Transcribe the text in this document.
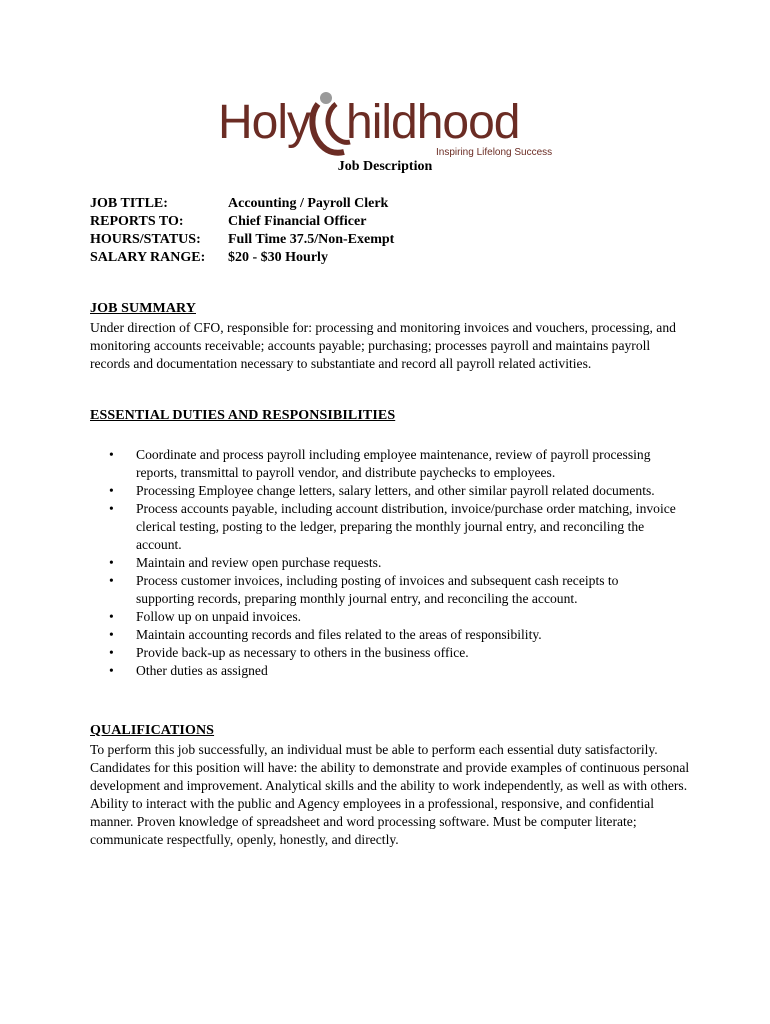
Holy hildhood
Inspiring Lifelong Success
Job Description
JOB TITLE:	Accounting / Payroll Clerk
REPORTS TO:	Chief Financial Officer
HOURS/STATUS:	Full Time 37.5/Non-Exempt
SALARY RANGE:	$20 - $30 Hourly
JOB SUMMARY
Under direction of CFO, responsible for: processing and monitoring invoices and vouchers, processing, and monitoring accounts receivable; accounts payable; purchasing; processes payroll and maintains payroll records and documentation necessary to substantiate and record all payroll related activities.
ESSENTIAL DUTIES AND RESPONSIBILITIES
• Coordinate and process payroll including employee maintenance, review of payroll processing reports, transmittal to payroll vendor, and distribute paychecks to employees.
• Processing Employee change letters, salary letters, and other similar payroll related documents.
• Process accounts payable, including account distribution, invoice/purchase order matching, invoice clerical testing, posting to the ledger, preparing the monthly journal entry, and reconciling the account.
• Maintain and review open purchase requests.
• Process customer invoices, including posting of invoices and subsequent cash receipts to supporting records, preparing monthly journal entry, and reconciling the account.
• Follow up on unpaid invoices.
• Maintain accounting records and files related to the areas of responsibility.
• Provide back-up as necessary to others in the business office.
• Other duties as assigned
QUALIFICATIONS
To perform this job successfully, an individual must be able to perform each essential duty satisfactorily. Candidates for this position will have: the ability to demonstrate and provide examples of continuous personal development and improvement. Analytical skills and the ability to work independently, as well as with others. Ability to interact with the public and Agency employees in a professional, responsive, and confidential manner. Proven knowledge of spreadsheet and word processing software. Must be computer literate; communicate respectfully, openly, honestly, and directly.
